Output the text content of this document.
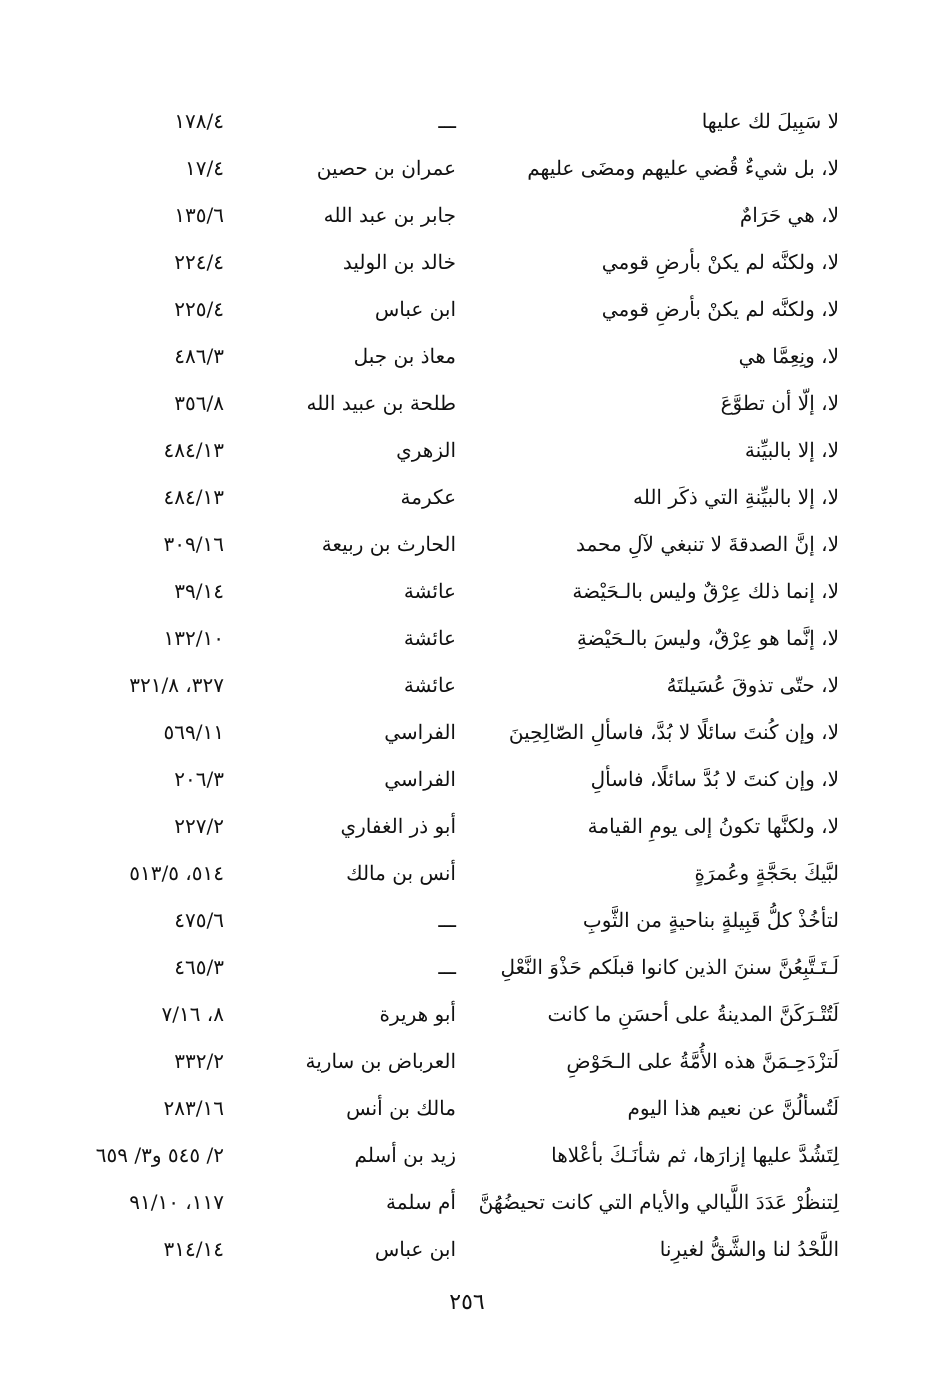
لا سَبِيلَ لك عليها
ـــ
١٧٨/٤
لا، بل شيءٌ قُضي عليهم ومضَى عليهم
عمران بن حصين
١٧/٤
لا، هي حَرَامٌ
جابر بن عبد الله
١٣٥/٦
لا، ولكنَّه لم يكنْ بأرضِ قومي
خالد بن الوليد
٢٢٤/٤
لا، ولكنَّه لم يكنْ بأرضِ قومي
ابن عباس
٢٢٥/٤
لا، ونِعِمَّا هي
معاذ بن جبل
٤٨٦/٣
لا، إلّا أن تطوَّعَ
طلحة بن عبيد الله
٣٥٦/٨
لا، إلا بالبيِّنة
الزهري
٤٨٤/١٣
لا، إلا بالبيِّنةِ التي ذكَر الله
عكرمة
٤٨٤/١٣
لا، إنَّ الصدقةَ لا تنبغي لآلِ محمد
الحارث بن ربيعة
٣٠٩/١٦
لا، إنما ذلك عِرْقٌ وليس بالـحَيْضة
عائشة
٣٩/١٤
لا، إنَّما هو عِرْقٌ، وليسَ بالـحَيْضةِ
عائشة
١٣٢/١٠
لا، حتّى تذوقَ عُسَيلتَهُ
عائشة
٣٢٧، ٣٢١/٨
لا، وإن كُنتَ سائلًا لا بُدَّ، فاسألِ الصّالِحِينَ
الفراسي
٥٦٩/١١
لا، وإن كنتَ لا بُدَّ سائلًا، فاسألِ
الفراسي
٢٠٦/٣
لا، ولكنَّها تكونُ إلى يومِ القيامة
أبو ذر الغفاري
٢٢٧/٢
لبَّيكَ بحَجَّةٍ وعُمرَةٍ
أنس بن مالك
٥١٤، ٥١٣/٥
لتأخُذْ كلُّ قَبِيلةٍ بناحيةٍ من الثَّوبِ
ـــ
٤٧٥/٦
لَـتَـتَّبِعُنَّ سننَ الذين كانوا قبلَكم حَذْوَ النَّعْلِ
ـــ
٤٦٥/٣
لَتُتْـرَكَنَّ المدينةُ على أحسَنِ ما كانت
أبو هريرة
٨، ٧/١٦
لَتزْدَحِـمَنَّ هذه الأُمَّةُ على الـحَوْضِ
العرباض بن سارية
٣٣٢/٢
لَتُسألُنَّ عن نعيم هذا اليوم
مالك بن أنس
٢٨٣/١٦
لِتَشُدَّ عليها إزارَها، ثم شأنَـكَ بأعْلاها
زيد بن أسلم
٢/ ٥٤٥ و٣/ ٦٥٩
لِتنظُرْ عَدَدَ اللَّيالي والأيام التي كانت تحيضُهُنَّ
أم سلمة
١١٧، ٩١/١٠
اللَّحْدُ لنا والشَّقُّ لغيرِنا
ابن عباس
٣١٤/١٤
٢٥٦
